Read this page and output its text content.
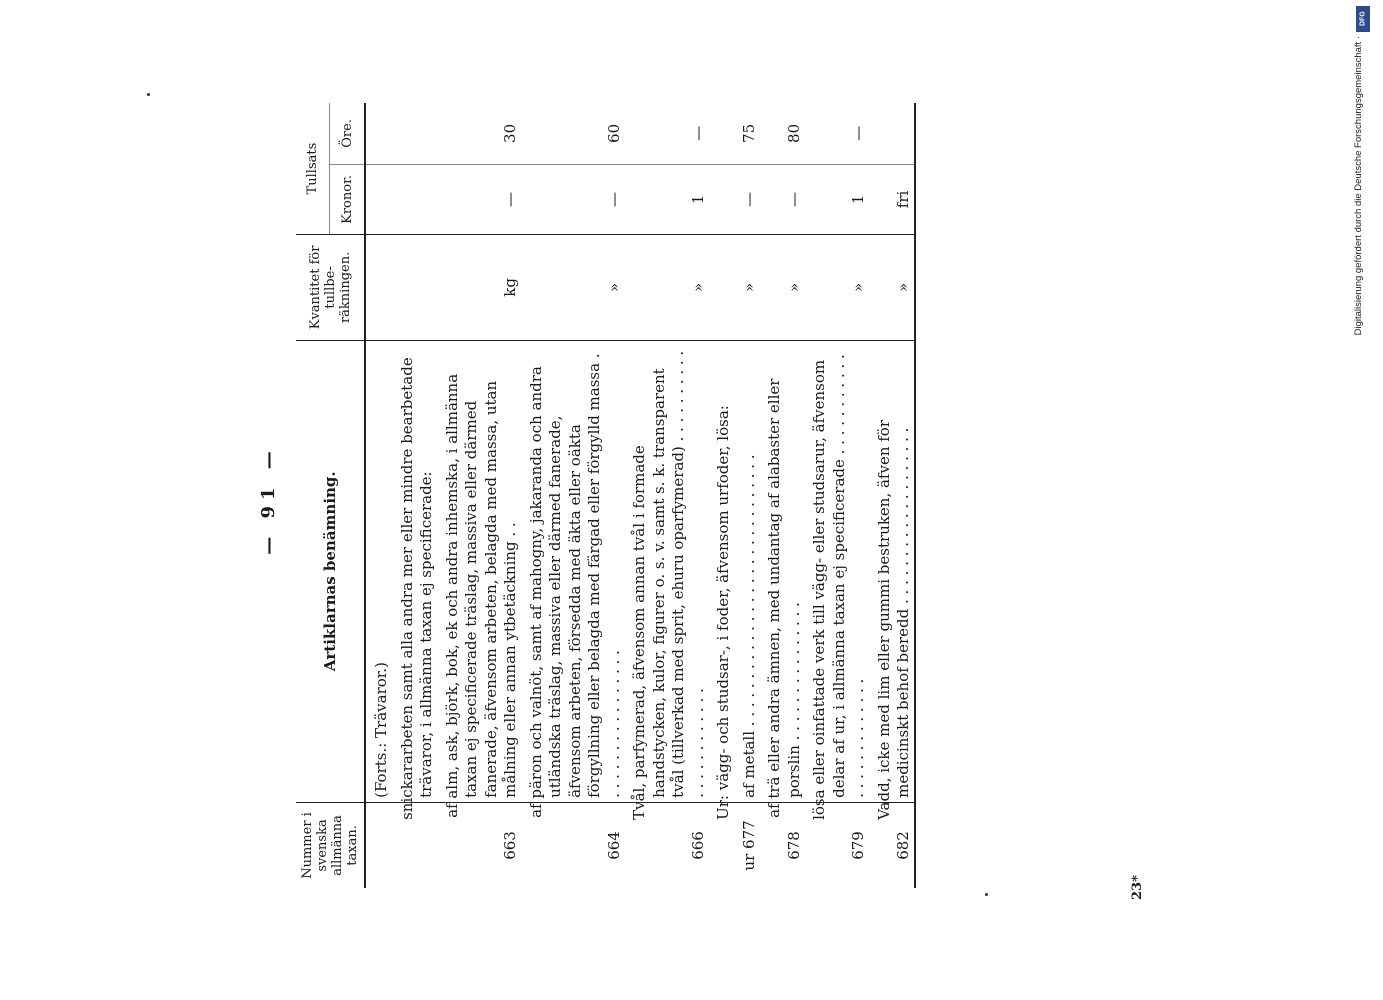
DFG
Digitalisierung gefördert durch die Deutsche Forschungsgemeinschaft ·
— 91 —
Nummer i svenska allmänna taxan.	Artiklarnas benämning.	Kvantitet för tullbe-räkningen.	Tullsats	
			Kronor.	Öre.
	(Forts.: Trävaror.)			
	snickararbeten samt alla andra mer eller mindre bearbetade trävaror, i allmänna taxan ej specificerade:			
663	af alm, ask, björk, bok, ek och andra inhemska, i allmänna taxan ej specificerade träslag, massiva eller därmed fanerade, äfvensom arbeten, belagda med massa, utan målning eller annan ytbetäckning . .	kg	—	30
664	af päron och valnöt, samt af mahogny, jakaranda och andra utländska träslag, massiva eller därmed fanerade, äfvensom arbeten, försedda med äkta eller oäkta förgyllning eller belagda med färgad eller förgylld massa . . . . . . . . . . . . . . . . .	»	—	60
666	Tvål, parfymerad, äfvensom annan tvål i formade handstycken, kulor, figurer o. s. v. samt s. k. transparent tvål (tillverkad med sprit, ehuru oparfymerad) . . . . . . . . . . . . . . . . . . . . . .	»	1	—
	Ur: vägg- och studsar-, i foder, äfvensom urfoder, lösa:			
ur 677	af metall . . . . . . . . . . . . . . . . . . . . . . . . . . . . .	»	—	75
678	af trä eller andra ämnen, med undantag af alabaster eller porslin . . . . . . . . . . . . . . .	»	—	80
679	lösa eller oinfattade verk till vägg- eller studsarur, äfvensom delar af ur, i allmänna taxan ej specificerade . . . . . . . . . . . . . . . . . . . . . . . .	»	1	—
682	Vadd, icke med lim eller gummi bestruken, äfven för medicinskt behof beredd . . . . . . . . . . . . . . . . . . .	»	fri	
23*
